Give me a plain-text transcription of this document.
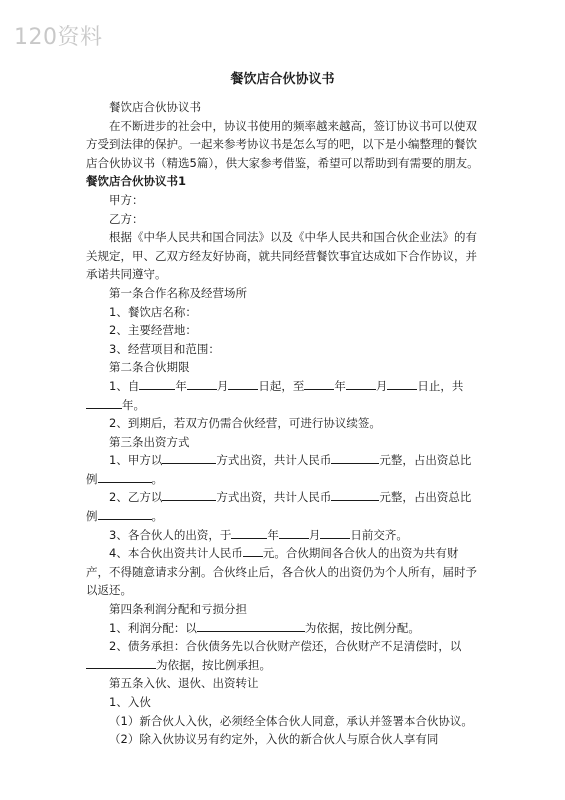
120资料
餐饮店合伙协议书

餐饮店合伙协议书

在不断进步的社会中，协议书使用的频率越来越高，签订协议书可以使双方受到法律的保护。一起来参考协议书是怎么写的吧，以下是小编整理的餐饮店合伙协议书（精选5篇），供大家参考借鉴，希望可以帮助到有需要的朋友。

餐饮店合伙协议书1

甲方：

乙方：

根据《中华人民共和国合同法》以及《中华人民共和国合伙企业法》的有关规定，甲、乙双方经友好协商，就共同经营餐饮事宜达成如下合作协议，并承诺共同遵守。

第一条合作名称及经营场所

1、餐饮店名称：

2、主要经营地：

3、经营项目和范围：

第二条合伙期限

1、自	年	月	日起，至	年	月	日止，共年。

2、到期后，若双方仍需合伙经营，可进行协议续签。

第三条出资方式

1、甲方以	方式出资，共计人民币	元整，占出资总比例	。

2、乙方以	方式出资，共计人民币	元整，占出资总比例	。

3、各合伙人的出资，于	年	月	日前交齐。

4、本合伙出资共计人民币 元。合伙期间各合伙人的出资为共有财产，不得随意请求分割。合伙终止后，各合伙人的出资仍为个人所有，届时予以返还。

第四条利润分配和亏损分担

1、利润分配：以	为依据，按比例分配。

2、债务承担：合伙债务先以合伙财产偿还，合伙财产不足清偿时，以为依据，按比例承担。

第五条入伙、退伙、出资转让

1、入伙

（1）新合伙人入伙，必须经全体合伙人同意，承认并签署本合伙协议。

（2）除入伙协议另有约定外，入伙的新合伙人与原合伙人享有同
